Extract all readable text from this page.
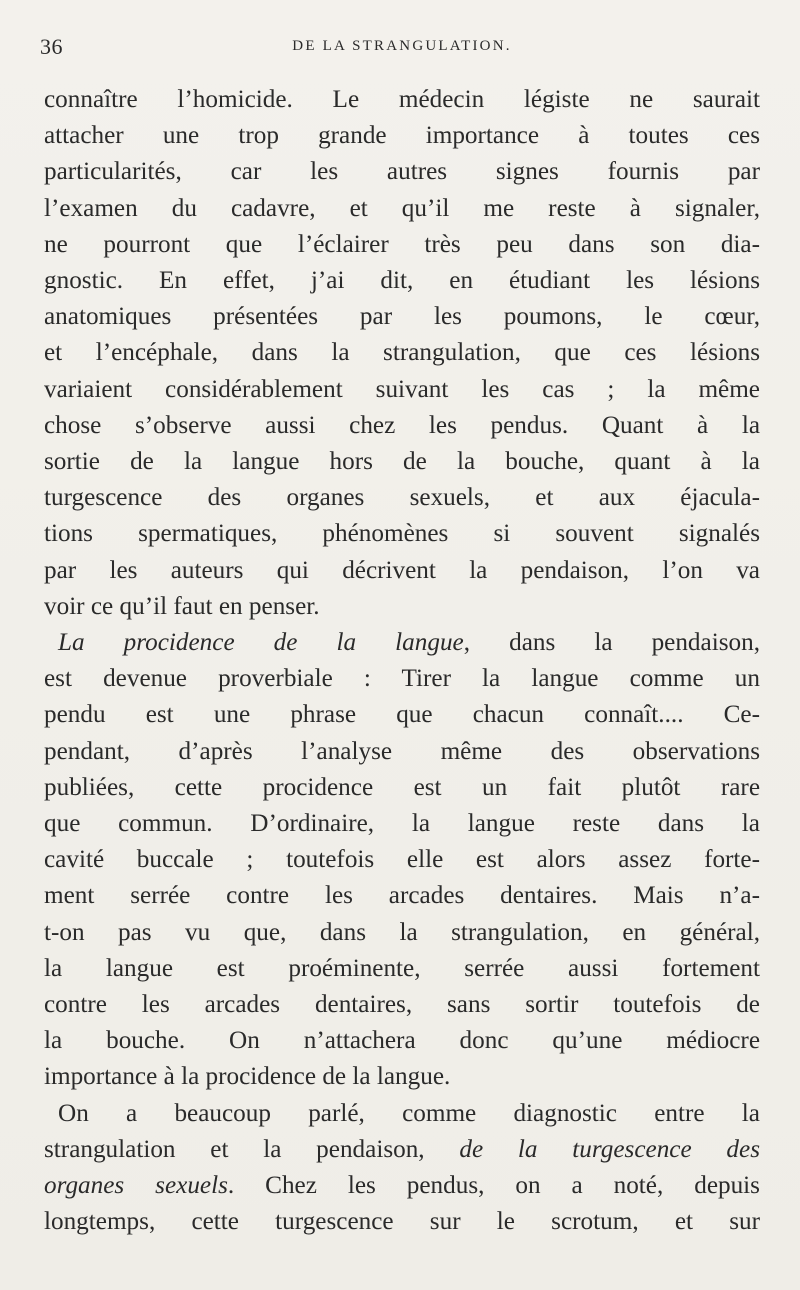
36	DE LA STRANGULATION.

connaître l’homicide. Le médecin légiste ne saurait
attacher une trop grande importance à toutes ces
particularités, car les autres signes fournis par
l’examen du cadavre, et qu’il me reste à signaler,
ne pourront que l’éclairer très peu dans son dia-
gnostic. En effet, j’ai dit, en étudiant les lésions
anatomiques présentées par les poumons, le cœur,
et l’encéphale, dans la strangulation, que ces lésions
variaient considérablement suivant les cas ; la même
chose s’observe aussi chez les pendus. Quant à la
sortie de la langue hors de la bouche, quant à la
turgescence des organes sexuels, et aux éjacula-
tions spermatiques, phénomènes si souvent signalés
par les auteurs qui décrivent la pendaison, l’on va
voir ce qu’il faut en penser.

La procidence de la langue, dans la pendaison,
est devenue proverbiale : Tirer la langue comme un
pendu est une phrase que chacun connaît.... Ce-
pendant, d’après l’analyse même des observations
publiées, cette procidence est un fait plutôt rare
que commun. D’ordinaire, la langue reste dans la
cavité buccale ; toutefois elle est alors assez forte-
ment serrée contre les arcades dentaires. Mais n’a-
t-on pas vu que, dans la strangulation, en général,
la langue est proéminente, serrée aussi fortement
contre les arcades dentaires, sans sortir toutefois de
la bouche. On n’attachera donc qu’une médiocre
importance à la procidence de la langue.

On a beaucoup parlé, comme diagnostic entre la
strangulation et la pendaison, de la turgescence des
organes sexuels. Chez les pendus, on a noté, depuis
longtemps, cette turgescence sur le scrotum, et sur
